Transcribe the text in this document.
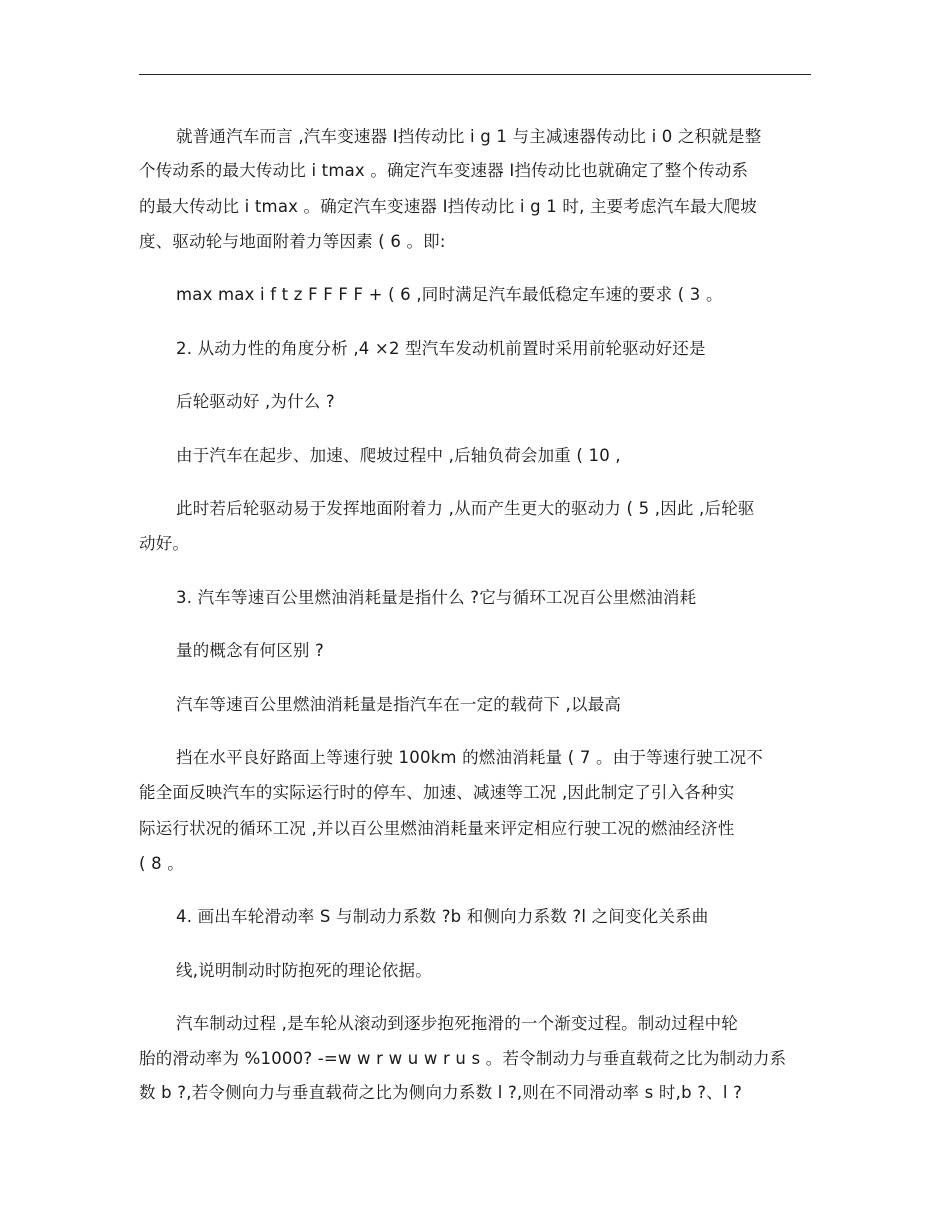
就普通汽车而言 ,汽车变速器 Ⅰ挡传动比 i g 1 与主减速器传动比 i 0 之积就是整
个传动系的最大传动比 i tmax 。确定汽车变速器 Ⅰ挡传动比也就确定了整个传动系
的最大传动比 i tmax 。确定汽车变速器 Ⅰ挡传动比 i g 1 时, 主要考虑汽车最大爬坡
度、驱动轮与地面附着力等因素 ( 6 。即:
max max i f t z F F F F + ( 6 ,同时满足汽车最低稳定车速的要求 ( 3 。
2. 从动力性的角度分析 ,4 ×2 型汽车发动机前置时采用前轮驱动好还是
后轮驱动好 ,为什么 ?
由于汽车在起步、加速、爬坡过程中 ,后轴负荷会加重 ( 10 ,
此时若后轮驱动易于发挥地面附着力 ,从而产生更大的驱动力 ( 5 ,因此 ,后轮驱
动好。
3. 汽车等速百公里燃油消耗量是指什么 ?它与循环工况百公里燃油消耗
量的概念有何区别 ?
汽车等速百公里燃油消耗量是指汽车在一定的载荷下 ,以最高
挡在水平良好路面上等速行驶 100km 的燃油消耗量 ( 7 。由于等速行驶工况不
能全面反映汽车的实际运行时的停车、加速、减速等工况 ,因此制定了引入各种实
际运行状况的循环工况 ,并以百公里燃油消耗量来评定相应行驶工况的燃油经济性
( 8 。
4. 画出车轮滑动率 S 与制动力系数 ?b 和侧向力系数 ?l 之间变化关系曲
线,说明制动时防抱死的理论依据。
汽车制动过程 ,是车轮从滚动到逐步抱死拖滑的一个渐变过程。制动过程中轮
胎的滑动率为 %1000? -=w w r w u w r u s 。若令制动力与垂直载荷之比为制动力系
数 b ?,若令侧向力与垂直载荷之比为侧向力系数 l ?,则在不同滑动率 s 时,b ?、l ?
